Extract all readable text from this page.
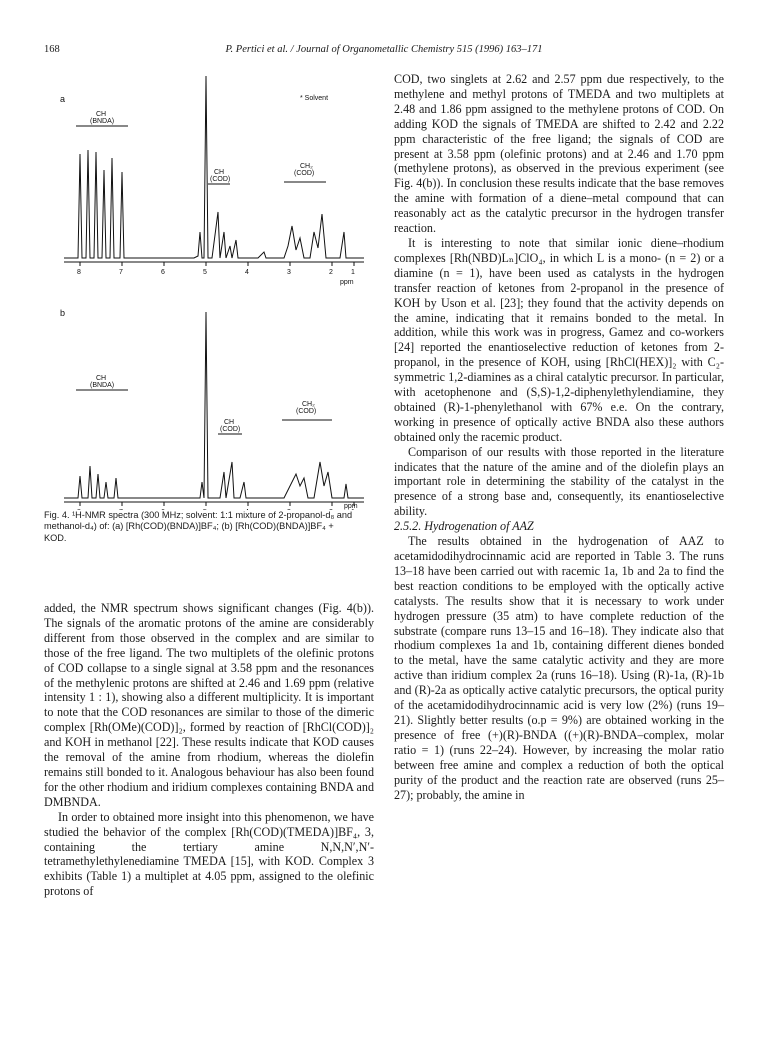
168	P. Pertici et al. / Journal of Organometallic Chemistry 515 (1996) 163–171
a	* Solvent
CH
(BNDA)
CH
(COD)
CH₂
(COD)
8	7	6	5	4	3	2	1
ppm
b
CH
(BNDA)
CH
(COD)
CH₂
(COD)
ppm
Fig. 4. ¹H-NMR spectra (300 MHz; solvent: 1:1 mixture of 2-propanol-d₈ and methanol-d₄) of: (a) [Rh(COD)(BNDA)]BF₄; (b) [Rh(COD)(BNDA)]BF₄ + KOD.

added, the NMR spectrum shows significant changes (Fig. 4(b)). The signals of the aromatic protons of the amine are considerably different from those observed in the complex and are similar to those of the free ligand. The two multiplets of the olefinic protons of COD collapse to a single signal at 3.58 ppm and the resonances of the methylenic protons are shifted at 2.46 and 1.69 ppm (relative intensity 1 : 1), showing also a different multiplicity. It is important to note that the COD resonances are similar to those of the dimeric complex [Rh(OMe)(COD)]₂, formed by reaction of [RhCl(COD)]₂ and KOH in methanol [22]. These results indicate that KOD causes the removal of the amine from rhodium, whereas the diolefin remains still bonded to it. Analogous behaviour has also been found for the other rhodium and iridium complexes containing BNDA and DMBNDA.

In order to obtained more insight into this phenomenon, we have studied the behavior of the complex [Rh(COD)(TMEDA)]BF₄, 3, containing the tertiary amine N,N,N′,N′-tetramethylethylenediamine TMEDA [15], with KOD. Complex 3 exhibits (Table 1) a multiplet at 4.05 ppm, assigned to the olefinic protons of

COD, two singlets at 2.62 and 2.57 ppm due respectively, to the methylene and methyl protons of TMEDA and two multiplets at 2.48 and 1.86 ppm assigned to the methylene protons of COD. On adding KOD the signals of TMEDA are shifted to 2.42 and 2.22 ppm characteristic of the free ligand; the signals of COD are present at 3.58 ppm (olefinic protons) and at 2.46 and 1.70 ppm (methylene protons), as observed in the previous experiment (see Fig. 4(b)). In conclusion these results indicate that the base removes the amine with formation of a diene–metal compound that can reasonably act as the catalytic precursor in the hydrogen transfer reaction.

It is interesting to note that similar ionic diene–rhodium complexes [Rh(NBD)Lₙ]ClO₄, in which L is a mono- (n = 2) or a diamine (n = 1), have been used as catalysts in the hydrogen transfer reaction of ketones from 2-propanol in the presence of KOH by Uson et al. [23]; they found that the activity depends on the amine, indicating that it remains bonded to the metal. In addition, while this work was in progress, Gamez and co-workers [24] reported the enantioselective reduction of ketones from 2-propanol, in the presence of KOH, using [RhCl(HEX)]₂ with C₂-symmetric 1,2-diamines as a chiral catalytic precursor. In particular, with acetophenone and (S,S)-1,2-diphenylethylendiamine, they obtained (R)-1-phenylethanol with 67% e.e. On the contrary, working in presence of optically active BNDA also these authors obtained only the racemic product.

Comparison of our results with those reported in the literature indicates that the nature of the amine and of the diolefin plays an important role in determining the stability of the catalyst in the presence of a strong base and, consequently, its enantioselective ability.

2.5.2. Hydrogenation of AAZ

The results obtained in the hydrogenation of AAZ to acetamidodihydrocinnamic acid are reported in Table 3. The runs 13–18 have been carried out with racemic 1a, 1b and 2a to find the best reaction conditions to be employed with the optically active catalysts. The results show that it is necessary to work under hydrogen pressure (35 atm) to have complete reduction of the substrate (compare runs 13–15 and 16–18). They indicate also that rhodium complexes 1a and 1b, containing different dienes bonded to the metal, have the same catalytic activity and they are more active than iridium complex 2a (runs 16–18). Using (R)-1a, (R)-1b and (R)-2a as optically active catalytic precursors, the optical purity of the acetamidodihydrocinnamic acid is very low (2%) (runs 19–21). Slightly better results (o.p = 9%) are obtained working in the presence of free (+)(R)-BNDA ((+)(R)-BNDA–complex, molar ratio = 1) (runs 22–24). However, by increasing the molar ratio between free amine and complex a reduction of both the optical purity of the product and the reaction rate are observed (runs 25–27); probably, the amine in
